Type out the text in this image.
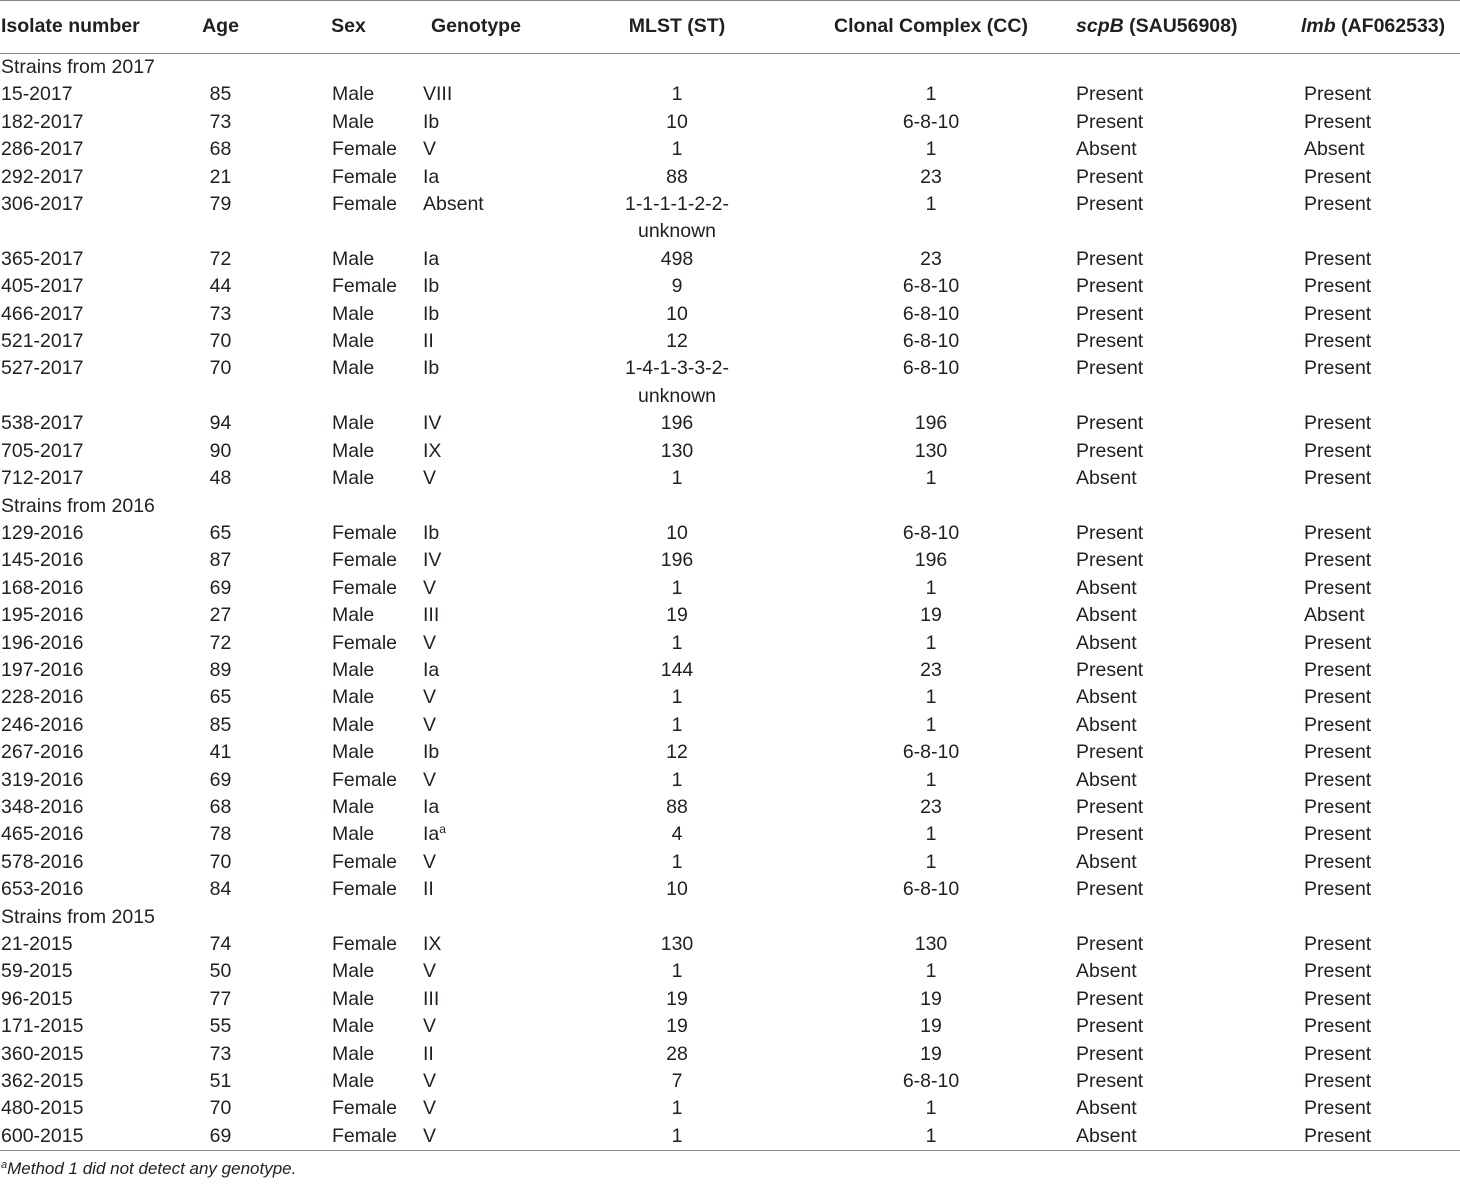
Isolate number	Age	Sex	Genotype	MLST (ST)	Clonal Complex (CC)	scpB (SAU56908)	lmb (AF062533)
Strains from 2017							
15-2017	85	Male	VIII	1	1	Present	Present
182-2017	73	Male	Ib	10	6-8-10	Present	Present
286-2017	68	Female	V	1	1	Absent	Absent
292-2017	21	Female	Ia	88	23	Present	Present
306-2017	79	Female	Absent	1-1-1-1-2-2-
unknown	1	Present	Present
365-2017	72	Male	Ia	498	23	Present	Present
405-2017	44	Female	Ib	9	6-8-10	Present	Present
466-2017	73	Male	Ib	10	6-8-10	Present	Present
521-2017	70	Male	II	12	6-8-10	Present	Present
527-2017	70	Male	Ib	1-4-1-3-3-2-
unknown	6-8-10	Present	Present
538-2017	94	Male	IV	196	196	Present	Present
705-2017	90	Male	IX	130	130	Present	Present
712-2017	48	Male	V	1	1	Absent	Present
Strains from 2016							
129-2016	65	Female	Ib	10	6-8-10	Present	Present
145-2016	87	Female	IV	196	196	Present	Present
168-2016	69	Female	V	1	1	Absent	Present
195-2016	27	Male	III	19	19	Absent	Absent
196-2016	72	Female	V	1	1	Absent	Present
197-2016	89	Male	Ia	144	23	Present	Present
228-2016	65	Male	V	1	1	Absent	Present
246-2016	85	Male	V	1	1	Absent	Present
267-2016	41	Male	Ib	12	6-8-10	Present	Present
319-2016	69	Female	V	1	1	Absent	Present
348-2016	68	Male	Ia	88	23	Present	Present
465-2016	78	Male	Ia$^a$	4	1	Present	Present
578-2016	70	Female	V	1	1	Absent	Present
653-2016	84	Female	II	10	6-8-10	Present	Present
Strains from 2015							
21-2015	74	Female	IX	130	130	Present	Present
59-2015	50	Male	V	1	1	Absent	Present
96-2015	77	Male	III	19	19	Present	Present
171-2015	55	Male	V	19	19	Present	Present
360-2015	73	Male	II	28	19	Present	Present
362-2015	51	Male	V	7	6-8-10	Present	Present
480-2015	70	Female	V	1	1	Absent	Present
600-2015	69	Female	V	1	1	Absent	Present
$^a$Method 1 did not detect any genotype.
